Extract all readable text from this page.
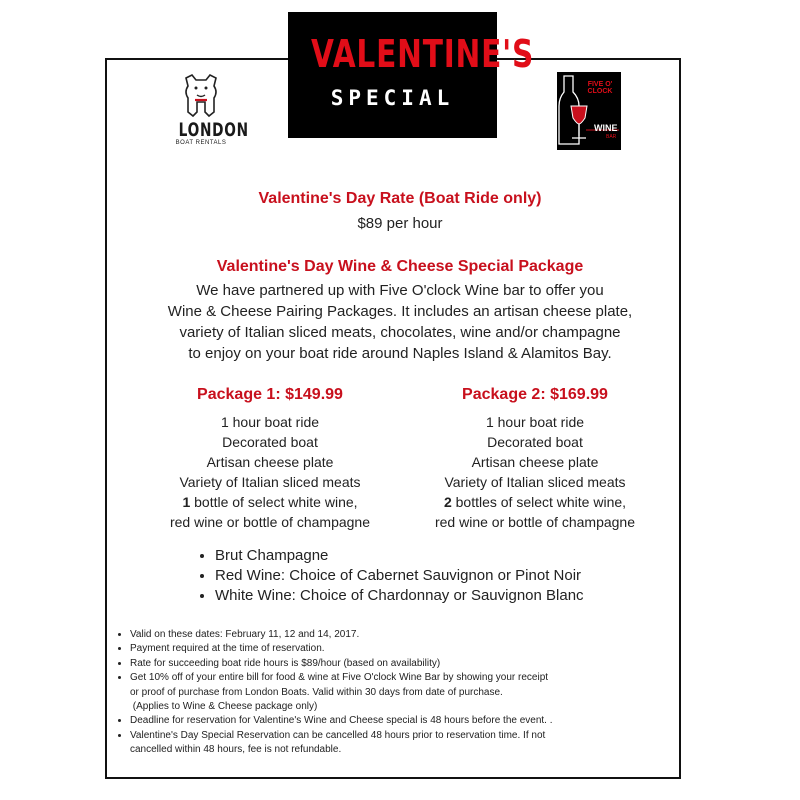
VALENTINE'S
SPECIAL
LONDON
BOAT RENTALS
FIVE O'
CLOCK
WINE
BAR
Valentine's Day Rate (Boat Ride only)
$89 per hour
Valentine's Day Wine & Cheese Special Package
We have partnered up with Five O'clock Wine bar to offer you
Wine & Cheese Pairing Packages. It includes an artisan cheese plate,
variety of Italian sliced meats, chocolates, wine and/or champagne
to enjoy on your boat ride around Naples Island & Alamitos Bay.
Package 1: $149.99
1 hour boat ride
Decorated boat
Artisan cheese plate
Variety of Italian sliced meats
1 bottle of select white wine,
red wine or bottle of champagne
Package 2: $169.99
1 hour boat ride
Decorated boat
Artisan cheese plate
Variety of Italian sliced meats
2 bottles of select white wine,
red wine or bottle of champagne
• Brut Champagne
• Red Wine: Choice of Cabernet Sauvignon or Pinot Noir
• White Wine: Choice of Chardonnay or Sauvignon Blanc
• Valid on these dates: February 11, 12 and 14, 2017.
• Payment required at the time of reservation.
• Rate for succeeding boat ride hours is $89/hour (based on availability)
• Get 10% off of your entire bill for food & wine at Five O'clock Wine Bar by showing your receipt
or proof of purchase from London Boats. Valid within 30 days from date of purchase.
(Applies to Wine & Cheese package only)
• Deadline for reservation for Valentine's Wine and Cheese special is 48 hours before the event. .
• Valentine's Day Special Reservation can be cancelled 48 hours prior to reservation time. If not
cancelled within 48 hours, fee is not refundable.
